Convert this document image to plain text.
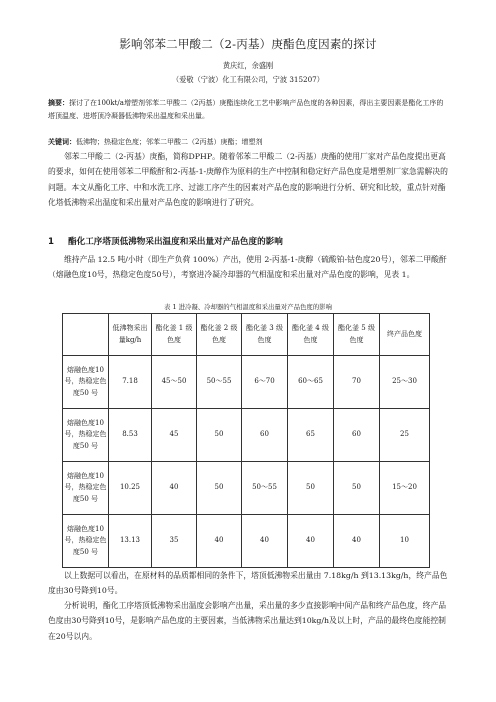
影响邻苯二甲酸二（2-丙基）庚酯色度因素的探讨
黄庆红，余盛刚
（爱敬（宁波）化工有限公司，宁波 315207）
摘要：探讨了在100kt/a增塑剂邻苯二甲酸二（2丙基）庚酯连续化工艺中影响产品色度的各种因素，得出主要因素是酯化工序的塔顶温度、进塔顶冷凝器低沸物采出温度和采出量。
关键词：低沸物；热稳定色度；邻苯二甲酸二（2丙基）庚酯；增塑剂
邻苯二甲酸二（2-丙基）庚酯，简称DPHP。随着邻苯二甲酸二（2-丙基）庚酯的使用厂家对产品色度提出更高的要求，如何在使用邻苯二甲酸酐和2-丙基-1-庚醇作为原料的生产中控制和稳定好产品色度是增塑剂厂家急需解决的问题。本文从酯化工序、中和水洗工序、过滤工序产生的因素对产品色度的影响进行分析、研究和比较，重点针对酯化塔低沸物采出温度和采出量对产品色度的影响进行了研究。
1 酯化工序塔顶低沸物采出温度和采出量对产品色度的影响
维持产品 12.5 吨/小时（即生产负荷 100%）产出，使用 2-丙基-1-庚醇（硫酸铂-钴色度20号），邻苯二甲酸酐（熔融色度10号，热稳定色度50号），考察进冷凝冷却器的气相温度和采出量对产品色度的影响，见表 1。
表 1 进冷凝、冷却器的气相温度和采出量对产品色度的影响
	低沸物采出量kg/h	酯化釜 1 级色度	酯化釜 2 级色度	酯化釜 3 级色度	酯化釜 4 级色度	酯化釜 5 级色度	终产品色度
熔融色度10 号，热稳定色度50 号	7.18	45～50	50～55	6～70	60～65	70	25～30
熔融色度10 号，热稳定色度50 号	8.53	45	50	60	65	60	25
熔融色度10 号，热稳定色度50 号	10.25	40	50	50～55	50	50	15～20
熔融色度10 号，热稳定色度50 号	13.13	35	40	40	40	40	10
以上数据可以看出，在原材料的品质都相同的条件下，塔顶低沸物采出量由 7.18kg/h 到13.13kg/h，终产品色度由30号降到10号。
分析说明，酯化工序塔顶低沸物采出温度会影响产出量，采出量的多少直接影响中间产品和终产品色度，终产品色度由30号降到10号，是影响产品色度的主要因素，当低沸物采出量达到10kg/h及以上时，产品的最终色度能控制在20号以内。
